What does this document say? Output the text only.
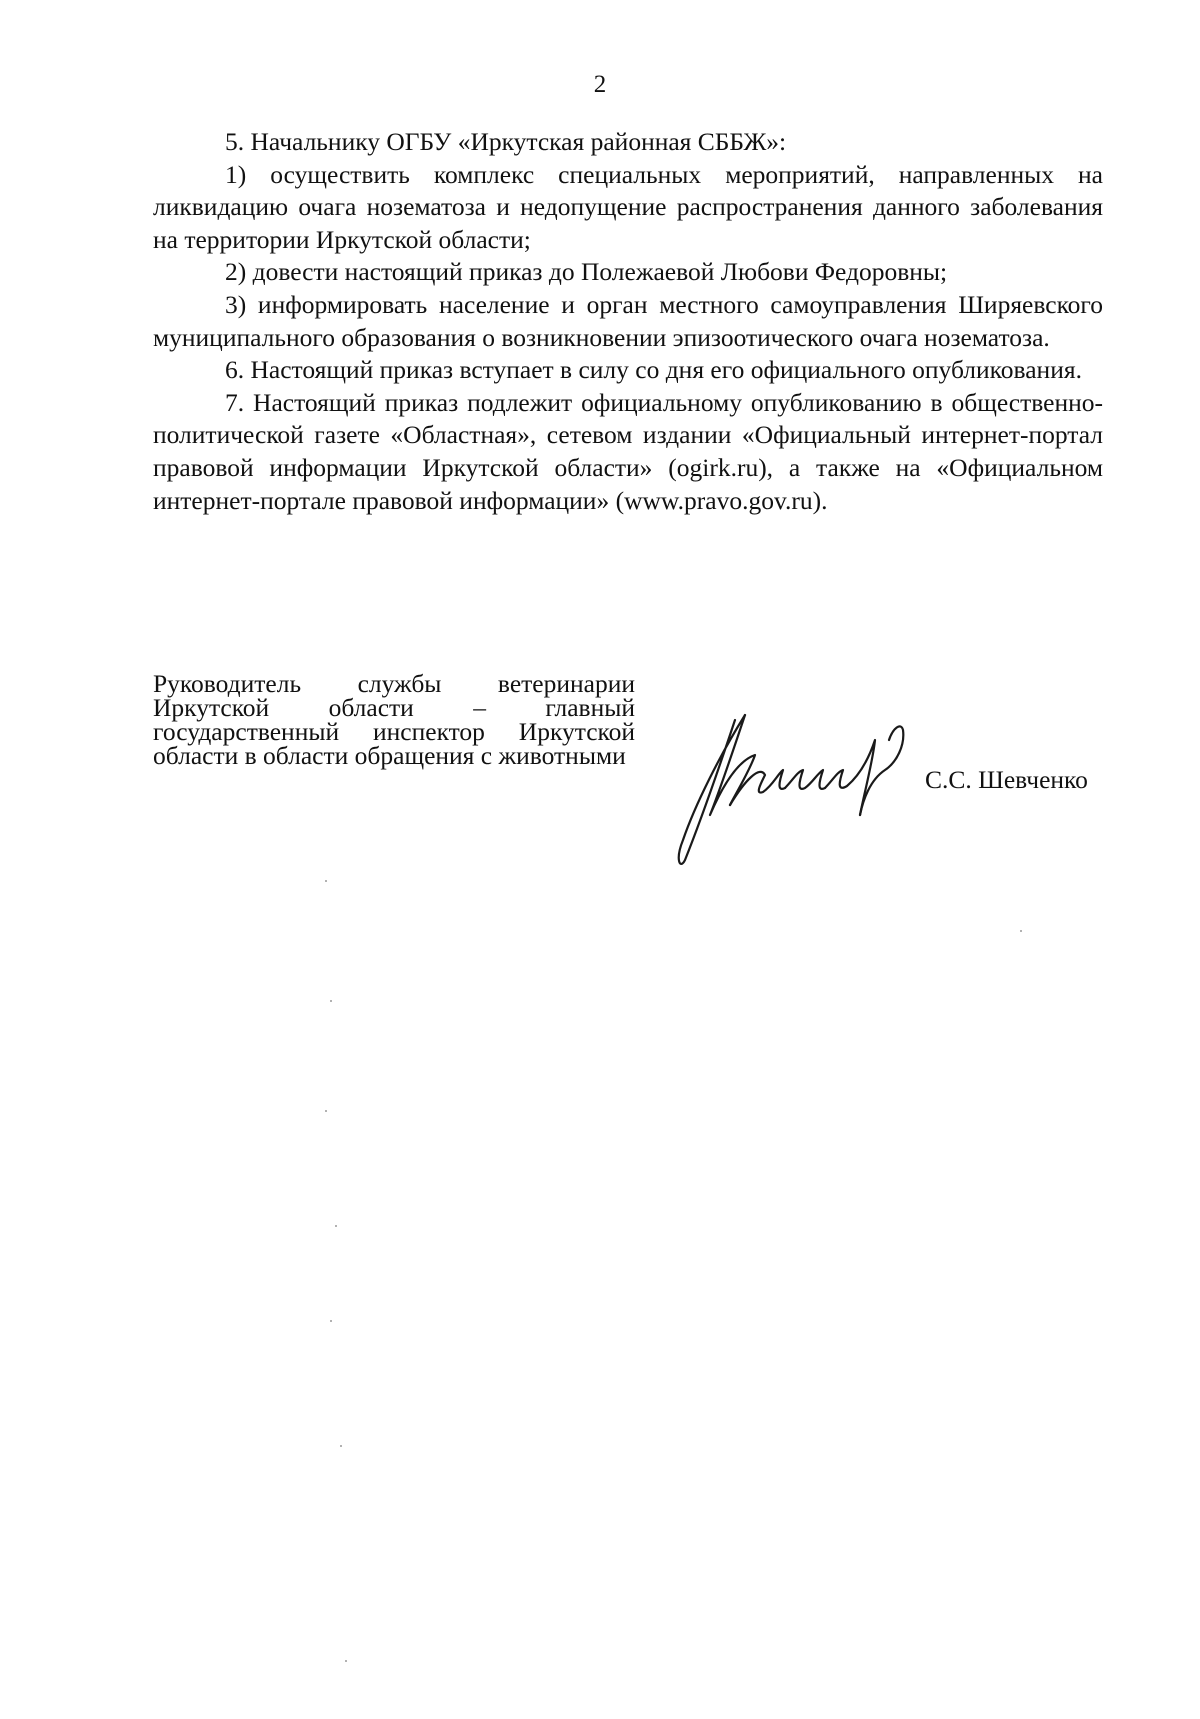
2

5. Начальнику ОГБУ «Иркутская районная СББЖ»:

1) осуществить комплекс специальных мероприятий, направленных на ликвидацию очага нозематоза и недопущение распространения данного заболевания на территории Иркутской области;

2) довести настоящий приказ до Полежаевой Любови Федоровны;

3) информировать население и орган местного самоуправления Ширяевского муниципального образования о возникновении эпизоотического очага нозематоза.

6. Настоящий приказ вступает в силу со дня его официального опубликования.

7. Настоящий приказ подлежит официальному опубликованию в общественно-политической газете «Областная», сетевом издании «Официальный интернет-портал правовой информации Иркутской области» (ogirk.ru), а также на «Официальном интернет-портале правовой информации» (www.pravo.gov.ru).

Руководитель службы ветеринарии Иркутской области – главный государственный инспектор Иркутской области в области обращения с животными
С.С. Шевченко
